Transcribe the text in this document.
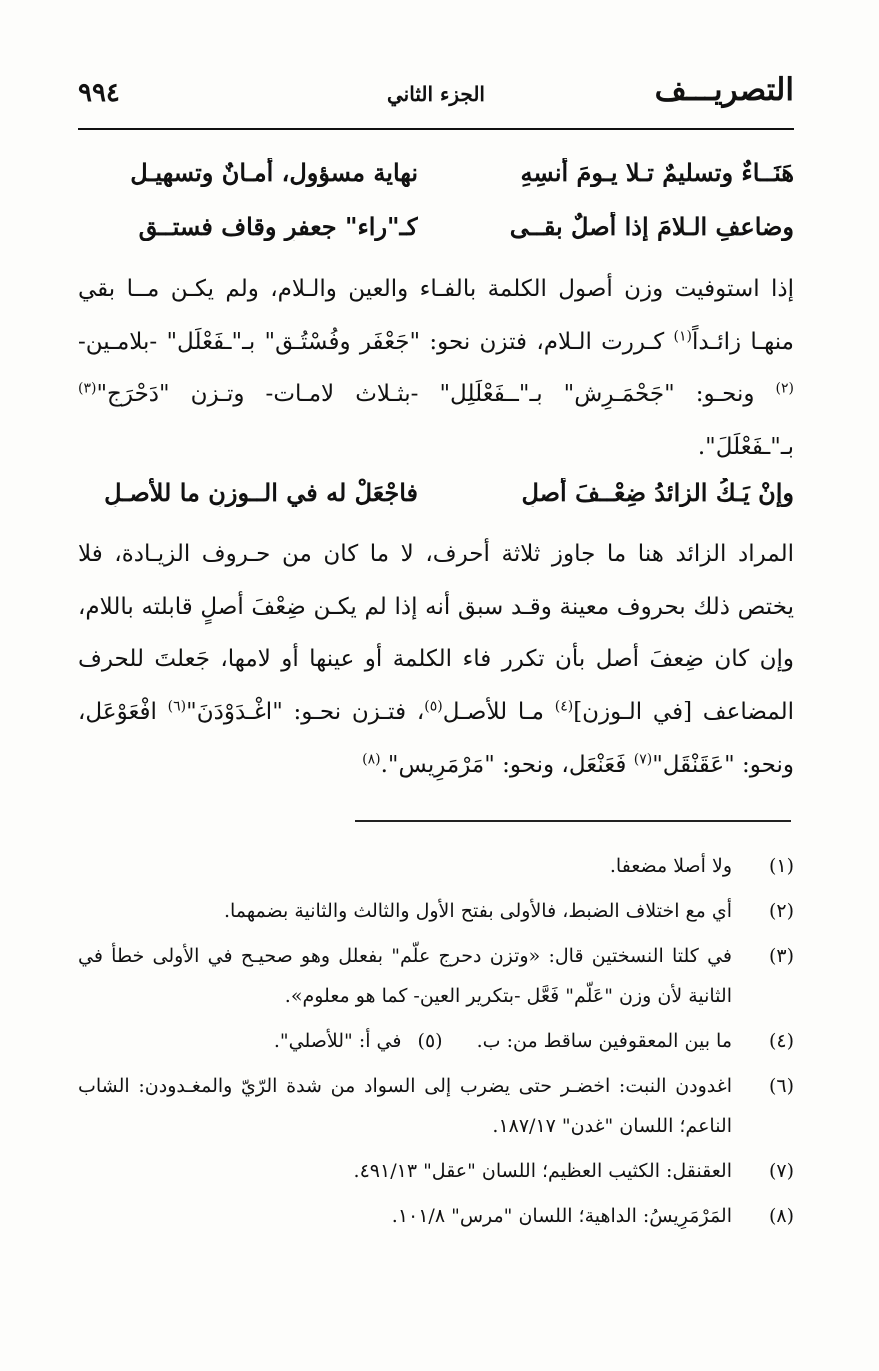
التصريـــف
الجزء الثاني
٩٩٤
هَنَــاءٌ وتسليمٌ تـلا يـومَ أُنسِهِ
نهاية مسؤول، أمـانٌ وتسهيـل
وضاعفِ الـلامَ إذا أصلٌ بقــى
كـ"راء" جعفرٍ وقاف فستــق
إذا استوفيت وزن أصول الكلمة بالفـاء والعين والـلام، ولم يكـن مــا بقي منهـا زائـداً$^{(١)}$ كـررت الـلام، فتزن نحو: "جَعْفَر وفُسْتُـق" بـ"ـفَعْلَل" -بلامـين-$^{(٢)}$ ونحـو: "جَحْمَـرِش" بـ"ــفَعْلَلِل" -بثـلاث لامـات- وتـزن "دَحْرَج"$^{(٣)}$ بـ"ـفَعْلَلَ".
وإنْ يَـكُ الزائدُ ضِعْــفَ أصلِ
فاجْعَلْ له في الــوزنِ ما للأصـلِ
المراد الزائد هنا ما جاوز ثلاثة أحرف، لا ما كان من حـروف الزيـادة، فلا يختص ذلك بحروف معينة وقـد سبق أنه إذا لم يكـن ضِعْفَ أصلٍ قابلته باللام، وإن كان ضِعفَ أصل بأن تكرر فاء الكلمة أو عينها أو لامها، جَعلتَ للحرف المضاعف [في الـوزن]$^{(٤)}$ مـا للأصـل$^{(٥)}$، فتـزن نحـو: "اغْـدَوْدَنَ"$^{(٦)}$ افْعَوْعَل، ونحو: "عَقَنْقَل"$^{(٧)}$ فَعَنْعَل، ونحو: "مَرْمَرِيس".$^{(٨)}$
(١)
ولا أصلا مضعفا.
(٢)
أي مع اختلاف الضبط، فالأولى بفتح الأول والثالث والثانية بضمهما.
(٣)
في كلتا النسختين قال: «وتزن دحرج علّم" بفعلل وهو صحيـح في الأولى خطأ في الثانية لأن وزن "عَلّم" فَعَّل -بتكرير العين- كما هو معلوم».
(٤)
ما بين المعقوفين ساقط من: ب. (٥) في أ: "للأصلي".
(٦)
اغدودن النبت: اخضـر حتى يضرب إلى السواد من شدة الرّيّ والمغـدودن: الشاب الناعم؛ اللسان "غدن" ١٨٧/١٧.
(٧)
العقنقل: الكثيب العظيم؛ اللسان "عقل" ٤٩١/١٣.
(٨)
المَرْمَرِيسُ: الداهية؛ اللسان "مرس" ١٠١/٨.
